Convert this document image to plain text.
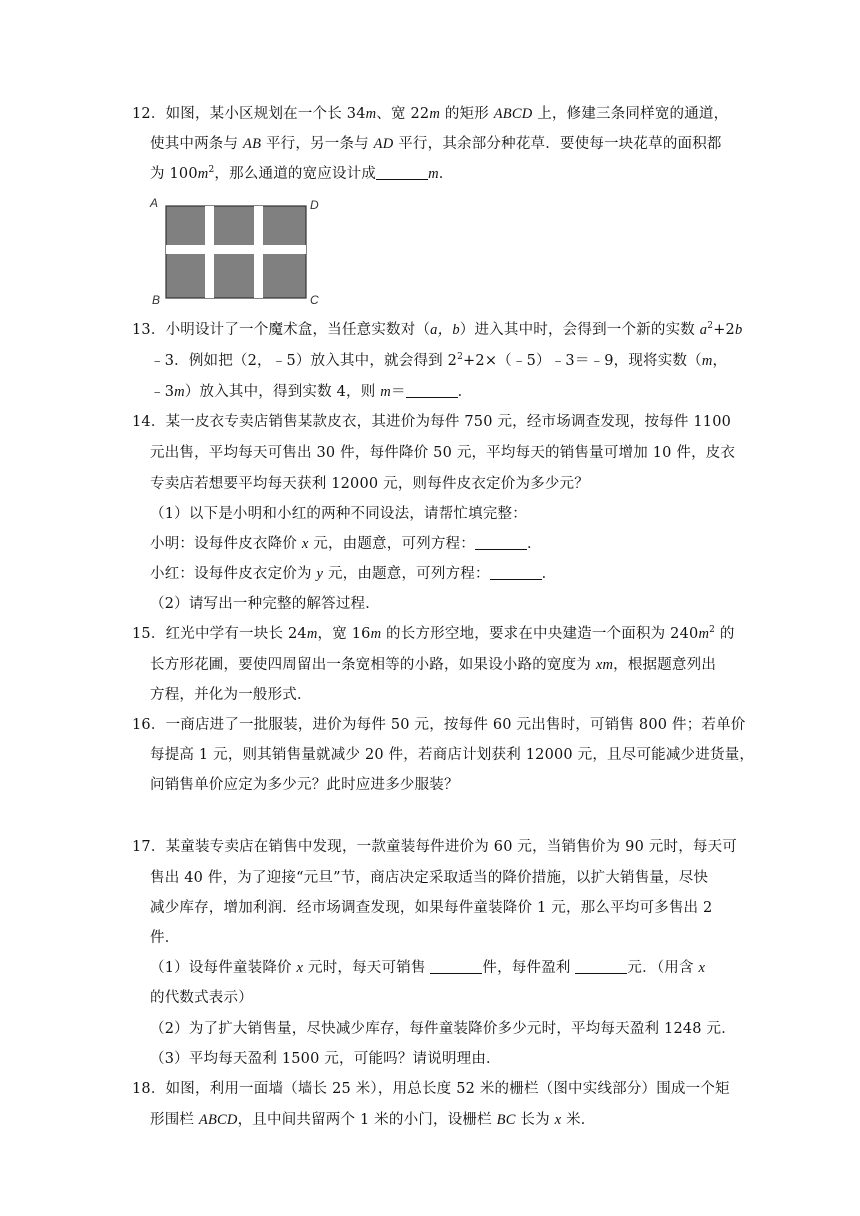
12．如图，某小区规划在一个长 34m、宽 22m 的矩形 ABCD 上，修建三条同样宽的通道，
使其中两条与 AB 平行，另一条与 AD 平行，其余部分种花草．要使每一块花草的面积都
为 $100m^2$，那么通道的宽应设计成	m．
A	D
B	C
13．小明设计了一个魔术盒，当任意实数对（a，b）进入其中时，会得到一个新的实数 $a^2+2b$
﹣3．例如把（2，﹣5）放入其中，就会得到 $2^2+2\times(﹣5)﹣3=﹣9$，现将实数（m，
﹣3m）放入其中，得到实数 4，则 m＝	．
14．某一皮衣专卖店销售某款皮衣，其进价为每件 750 元，经市场调查发现，按每件 1100
元出售，平均每天可售出 30 件，每件降价 50 元，平均每天的销售量可增加 10 件，皮衣
专卖店若想要平均每天获利 12000 元，则每件皮衣定价为多少元？
（1）以下是小明和小红的两种不同设法，请帮忙填完整：
小明：设每件皮衣降价 x 元，由题意，可列方程：	．
小红：设每件皮衣定价为 y 元，由题意，可列方程：	．
（2）请写出一种完整的解答过程．
15．红光中学有一块长 24m，宽 16m 的长方形空地，要求在中央建造一个面积为 $240m^2$ 的
长方形花圃，要使四周留出一条宽相等的小路，如果设小路的宽度为 xm，根据题意列出
方程，并化为一般形式．
16．一商店进了一批服装，进价为每件 50 元，按每件 60 元出售时，可销售 800 件；若单价
每提高 1 元，则其销售量就减少 20 件，若商店计划获利 12000 元，且尽可能减少进货量，
问销售单价应定为多少元？此时应进多少服装？
17．某童装专卖店在销售中发现，一款童装每件进价为 60 元，当销售价为 90 元时，每天可
售出 40 件，为了迎接“元旦”节，商店决定采取适当的降价措施，以扩大销售量，尽快
减少库存，增加利润．经市场调查发现，如果每件童装降价 1 元，那么平均可多售出 2
件．
（1）设每件童装降价 x 元时，每天可销售	件，每件盈利	元．（用含 x
的代数式表示）
（2）为了扩大销售量，尽快减少库存，每件童装降价多少元时，平均每天盈利 1248 元．
（3）平均每天盈利 1500 元，可能吗？请说明理由．
18．如图，利用一面墙（墙长 25 米），用总长度 52 米的栅栏（图中实线部分）围成一个矩
形围栏 ABCD，且中间共留两个 1 米的小门，设栅栏 BC 长为 x 米．
